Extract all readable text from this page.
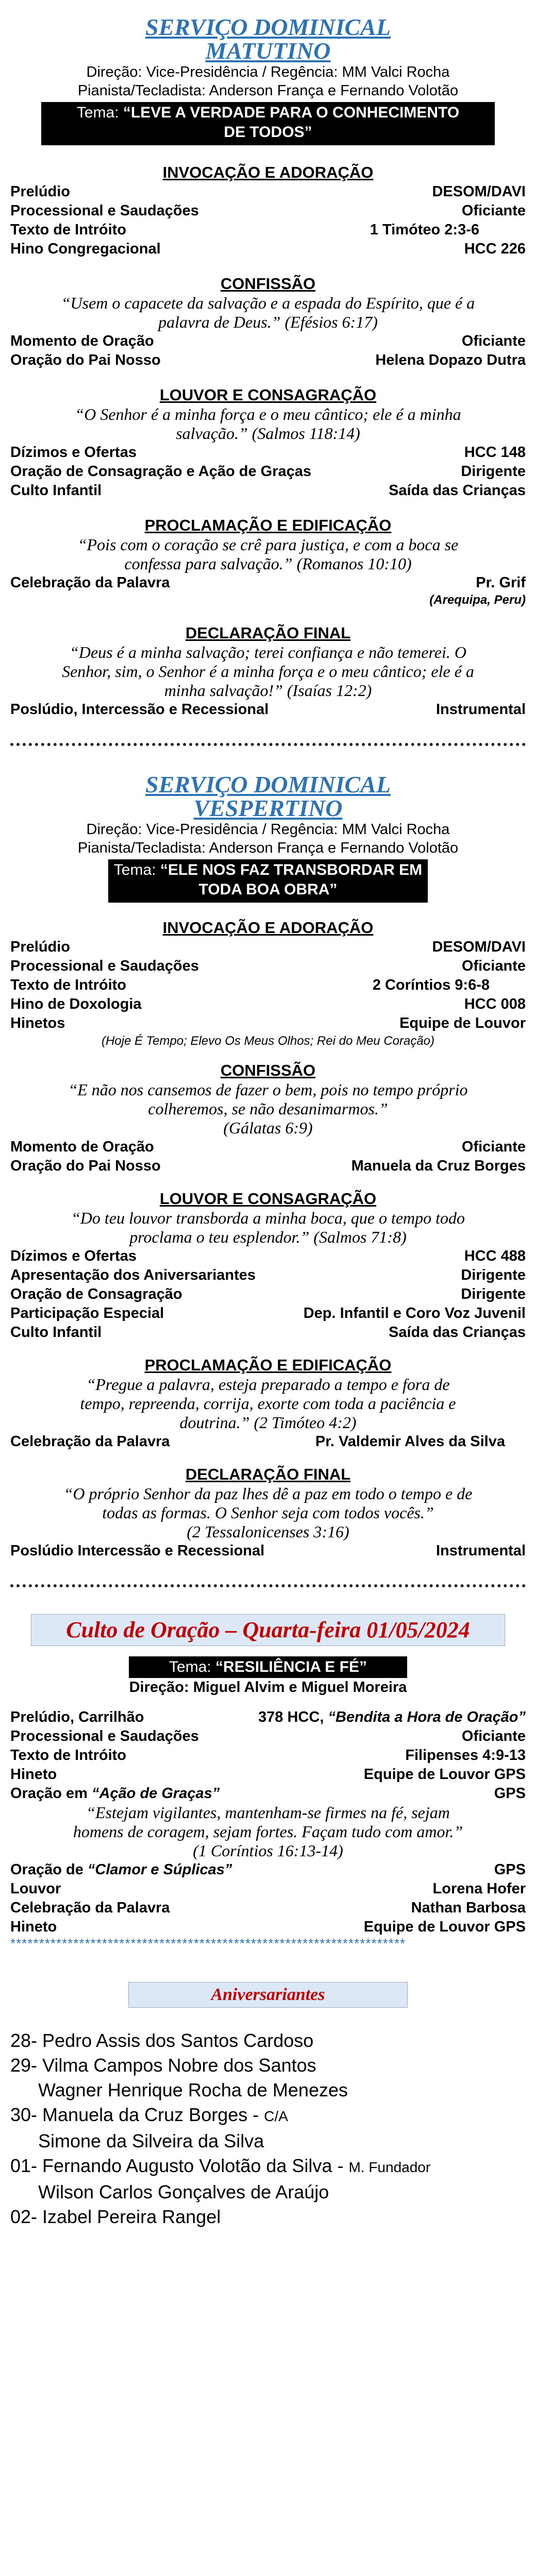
SERVIÇO DOMINICAL
MATUTINO
Direção: Vice-Presidência / Regência: MM Valci Rocha
Pianista/Tecladista: Anderson França e Fernando Volotão
Tema: “LEVE A VERDADE PARA O CONHECIMENTO
DE TODOS”
INVOCAÇÃO E ADORAÇÃO
Prelúdio	DESOM/DAVI
Processional e Saudações	Oficiante
Texto de Intróito	1 Timóteo 2:3-6
Hino Congregacional	HCC 226
CONFISSÃO
“Usem o capacete da salvação e a espada do Espírito, que é a
palavra de Deus.” (Efésios 6:17)
Momento de Oração	Oficiante
Oração do Pai Nosso	Helena Dopazo Dutra
LOUVOR E CONSAGRAÇÃO
“O Senhor é a minha força e o meu cântico; ele é a minha
salvação.” (Salmos 118:14)
Dízimos e Ofertas	HCC 148
Oração de Consagração e Ação de Graças	Dirigente
Culto Infantil	Saída das Crianças
PROCLAMAÇÃO E EDIFICAÇÃO
“Pois com o coração se crê para justiça, e com a boca se
confessa para salvação.” (Romanos 10:10)
Celebração da Palavra	Pr. Grif
(Arequipa, Peru)
DECLARAÇÃO FINAL
“Deus é a minha salvação; terei confiança e não temerei. O
Senhor, sim, o Senhor é a minha força e o meu cântico; ele é a
minha salvação!” (Isaías 12:2)
Poslúdio, Intercessão e Recessional	Instrumental
SERVIÇO DOMINICAL
VESPERTINO
Direção: Vice-Presidência / Regência: MM Valci Rocha
Pianista/Tecladista: Anderson França e Fernando Volotão
Tema: “ELE NOS FAZ TRANSBORDAR EM
TODA BOA OBRA”
INVOCAÇÃO E ADORAÇÃO
Prelúdio	DESOM/DAVI
Processional e Saudações	Oficiante
Texto de Intróito	2 Coríntios 9:6-8
Hino de Doxologia	HCC 008
Hinetos	Equipe de Louvor
(Hoje É Tempo; Elevo Os Meus Olhos; Rei do Meu Coração)
CONFISSÃO
“E não nos cansemos de fazer o bem, pois no tempo próprio
colheremos, se não desanimarmos.”
(Gálatas 6:9)
Momento de Oração	Oficiante
Oração do Pai Nosso	Manuela da Cruz Borges
LOUVOR E CONSAGRAÇÃO
“Do teu louvor transborda a minha boca, que o tempo todo
proclama o teu esplendor.” (Salmos 71:8)
Dízimos e Ofertas	HCC 488
Apresentação dos Aniversariantes	Dirigente
Oração de Consagração	Dirigente
Participação Especial	Dep. Infantil e Coro Voz Juvenil
Culto Infantil	Saída das Crianças
PROCLAMAÇÃO E EDIFICAÇÃO
“Pregue a palavra, esteja preparado a tempo e fora de
tempo, repreenda, corrija, exorte com toda a paciência e
doutrina.” (2 Timóteo 4:2)
Celebração da Palavra	Pr. Valdemir Alves da Silva
DECLARAÇÃO FINAL
“O próprio Senhor da paz lhes dê a paz em todo o tempo e de
todas as formas. O Senhor seja com todos vocês.”
(2 Tessalonicenses 3:16)
Poslúdio Intercessão e Recessional	Instrumental
Culto de Oração – Quarta-feira 01/05/2024
Tema: “RESILIÊNCIA E FÉ”
Direção: Miguel Alvim e Miguel Moreira
Prelúdio, Carrilhão	378 HCC, “Bendita a Hora de Oração”
Processional e Saudações	Oficiante
Texto de Intróito	Filipenses 4:9-13
Hineto	Equipe de Louvor GPS
Oração em “Ação de Graças”	GPS
“Estejam vigilantes, mantenham-se firmes na fé, sejam
homens de coragem, sejam fortes. Façam tudo com amor.”
(1 Coríntios 16:13-14)
Oração de “Clamor e Súplicas”	GPS
Louvor	Lorena Hofer
Celebração da Palavra	Nathan Barbosa
Hineto	Equipe de Louvor GPS
*********************************************************************
Aniversariantes
28- Pedro Assis dos Santos Cardoso
29- Vilma Campos Nobre dos Santos
Wagner Henrique Rocha de Menezes
30- Manuela da Cruz Borges - C/A
Simone da Silveira da Silva
01- Fernando Augusto Volotão da Silva - M. Fundador
Wilson Carlos Gonçalves de Araújo
02- Izabel Pereira Rangel
